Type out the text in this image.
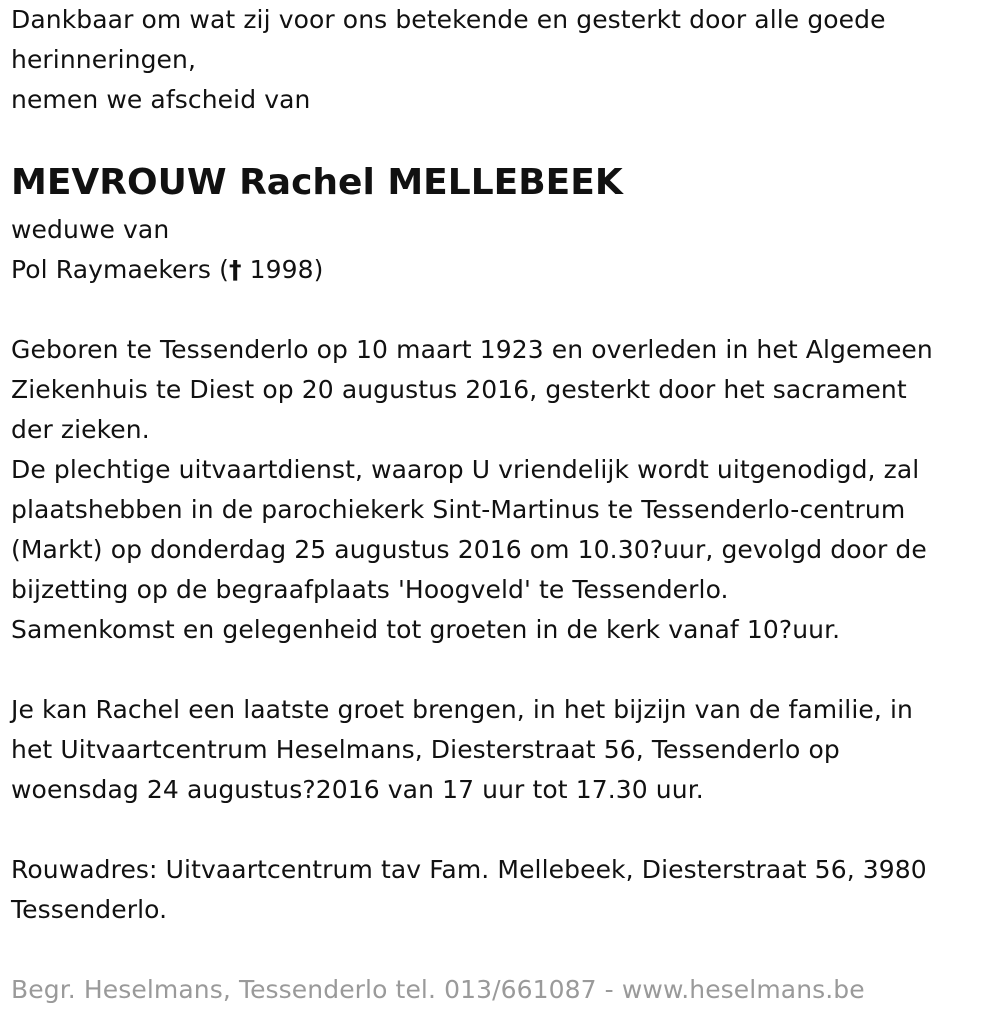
Dankbaar om wat zij voor ons betekende en gesterkt door alle goede
herinneringen,
nemen we afscheid van
MEVROUW Rachel MELLEBEEK
weduwe van
Pol Raymaekers († 1998)
Geboren te Tessenderlo op 10 maart 1923 en overleden in het Algemeen
Ziekenhuis te Diest op 20 augustus 2016, gesterkt door het sacrament
der zieken.
De plechtige uitvaartdienst, waarop U vriendelijk wordt uitgenodigd, zal
plaatshebben in de parochiekerk Sint-Martinus te Tessenderlo-centrum
(Markt) op donderdag 25 augustus 2016 om 10.30?uur, gevolgd door de
bijzetting op de begraafplaats 'Hoogveld' te Tessenderlo.
Samenkomst en gelegenheid tot groeten in de kerk vanaf 10?uur.
Je kan Rachel een laatste groet brengen, in het bijzijn van de familie, in
het Uitvaartcentrum Heselmans, Diesterstraat 56, Tessenderlo op
woensdag 24 augustus?2016 van 17 uur tot 17.30 uur.
Rouwadres: Uitvaartcentrum tav Fam. Mellebeek, Diesterstraat 56, 3980
Tessenderlo.
Begr. Heselmans, Tessenderlo tel. 013/661087 - www.heselmans.be
